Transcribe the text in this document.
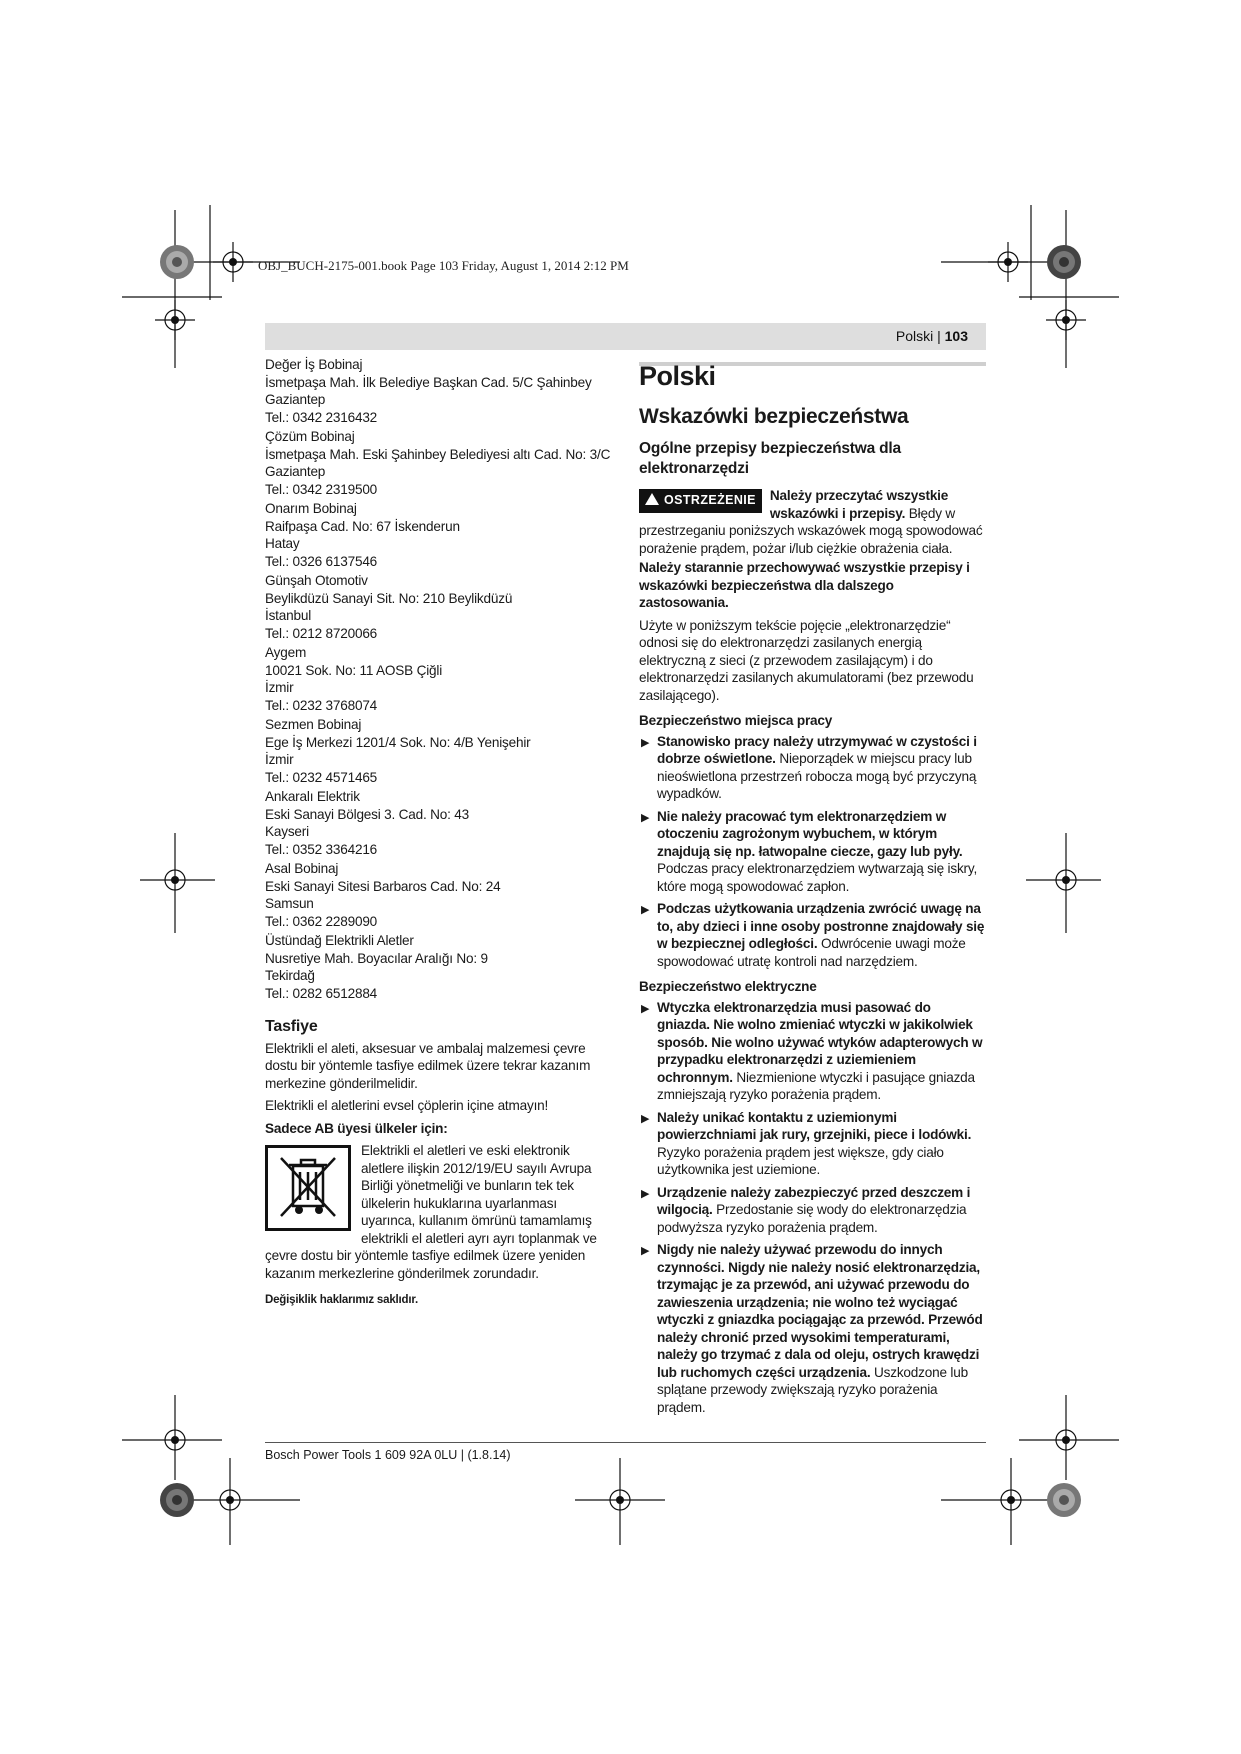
OBJ_BUCH-2175-001.book Page 103 Friday, August 1, 2014 2:12 PM
Polski | 103
Değer İş Bobinaj
İsmetpaşa Mah. İlk Belediye Başkan Cad. 5/C Şahinbey
Gaziantep
Tel.: 0342 2316432
Çözüm Bobinaj
İsmetpaşa Mah. Eski Şahinbey Belediyesi altı Cad. No: 3/C
Gaziantep
Tel.: 0342 2319500
Onarım Bobinaj
Raifpaşa Cad. No: 67 İskenderun
Hatay
Tel.: 0326 6137546
Günşah Otomotiv
Beylikdüzü Sanayi Sit. No: 210 Beylikdüzü
İstanbul
Tel.: 0212 8720066
Aygem
10021 Sok. No: 11 AOSB Çiğli
İzmir
Tel.: 0232 3768074
Sezmen Bobinaj
Ege İş Merkezi 1201/4 Sok. No: 4/B Yenişehir
İzmir
Tel.: 0232 4571465
Ankaralı Elektrik
Eski Sanayi Bölgesi 3. Cad. No: 43
Kayseri
Tel.: 0352 3364216
Asal Bobinaj
Eski Sanayi Sitesi Barbaros Cad. No: 24
Samsun
Tel.: 0362 2289090
Üstündağ Elektrikli Aletler
Nusretiye Mah. Boyacılar Aralığı No: 9
Tekirdağ
Tel.: 0282 6512884
Tasfiye

Elektrikli el aleti, aksesuar ve ambalaj malzemesi çevre dostu bir yöntemle tasfiye edilmek üzere tekrar kazanım merkezine gönderilmelidir.

Elektrikli el aletlerini evsel çöplerin içine atmayın!

Sadece AB üyesi ülkeler için:

Elektrikli el aletleri ve eski elektronik aletlere ilişkin 2012/19/EU sayılı Avrupa Birliği yönetmeliği ve bunların tek tek ülkelerin hukuklarına uyarlanması uyarınca, kullanım ömrünü tamamlamış elektrikli el aletleri ayrı ayrı toplanmak ve çevre dostu bir yöntemle tasfiye edilmek üzere yeniden kazanım merkezlerine gönderilmek zorundadır.
Değişiklik haklarımız saklıdır.
Polski
Wskazówki bezpieczeństwa
Ogólne przepisy bezpieczeństwa dla elektronarzędzi
OSTRZEŻENIE	Należy przeczytać wszystkie wskazówki i przepisy. Błędy w przestrzeganiu poniższych wskazówek mogą spowodować porażenie prądem, pożar i/lub ciężkie obrażenia ciała.

Należy starannie przechowywać wszystkie przepisy i wskazówki bezpieczeństwa dla dalszego zastosowania.

Użyte w poniższym tekście pojęcie „elektronarzędzie“ odnosi się do elektronarzędzi zasilanych energią elektryczną z sieci (z przewodem zasilającym) i do elektronarzędzi zasilanych akumulatorami (bez przewodu zasilającego).

Bezpieczeństwo miejsca pracy
▶ Stanowisko pracy należy utrzymywać w czystości i dobrze oświetlone. Nieporządek w miejscu pracy lub nieoświetlona przestrzeń robocza mogą być przyczyną wypadków.
▶ Nie należy pracować tym elektronarzędziem w otoczeniu zagrożonym wybuchem, w którym znajdują się np. łatwopalne ciecze, gazy lub pyły. Podczas pracy elektronarzędziem wytwarzają się iskry, które mogą spowodować zapłon.
▶ Podczas użytkowania urządzenia zwrócić uwagę na to, aby dzieci i inne osoby postronne znajdowały się w bezpiecznej odległości. Odwrócenie uwagi może spowodować utratę kontroli nad narzędziem.
Bezpieczeństwo elektryczne
▶ Wtyczka elektronarzędzia musi pasować do gniazda. Nie wolno zmieniać wtyczki w jakikolwiek sposób. Nie wolno używać wtyków adapterowych w przypadku elektronarzędzi z uziemieniem ochronnym. Niezmienione wtyczki i pasujące gniazda zmniejszają ryzyko porażenia prądem.
▶ Należy unikać kontaktu z uziemionymi powierzchniami jak rury, grzejniki, piece i lodówki. Ryzyko porażenia prądem jest większe, gdy ciało użytkownika jest uziemione.
▶ Urządzenie należy zabezpieczyć przed deszczem i wilgocią. Przedostanie się wody do elektronarzędzia podwyższa ryzyko porażenia prądem.
▶ Nigdy nie należy używać przewodu do innych czynności. Nigdy nie należy nosić elektronarzędzia, trzymając je za przewód, ani używać przewodu do zawieszenia urządzenia; nie wolno też wyciągać wtyczki z gniazdka pociągając za przewód. Przewód należy chronić przed wysokimi temperaturami, należy go trzymać z dala od oleju, ostrych krawędzi lub ruchomych części urządzenia. Uszkodzone lub splątane przewody zwiększają ryzyko porażenia prądem.
Bosch Power Tools 1 609 92A 0LU | (1.8.14)
